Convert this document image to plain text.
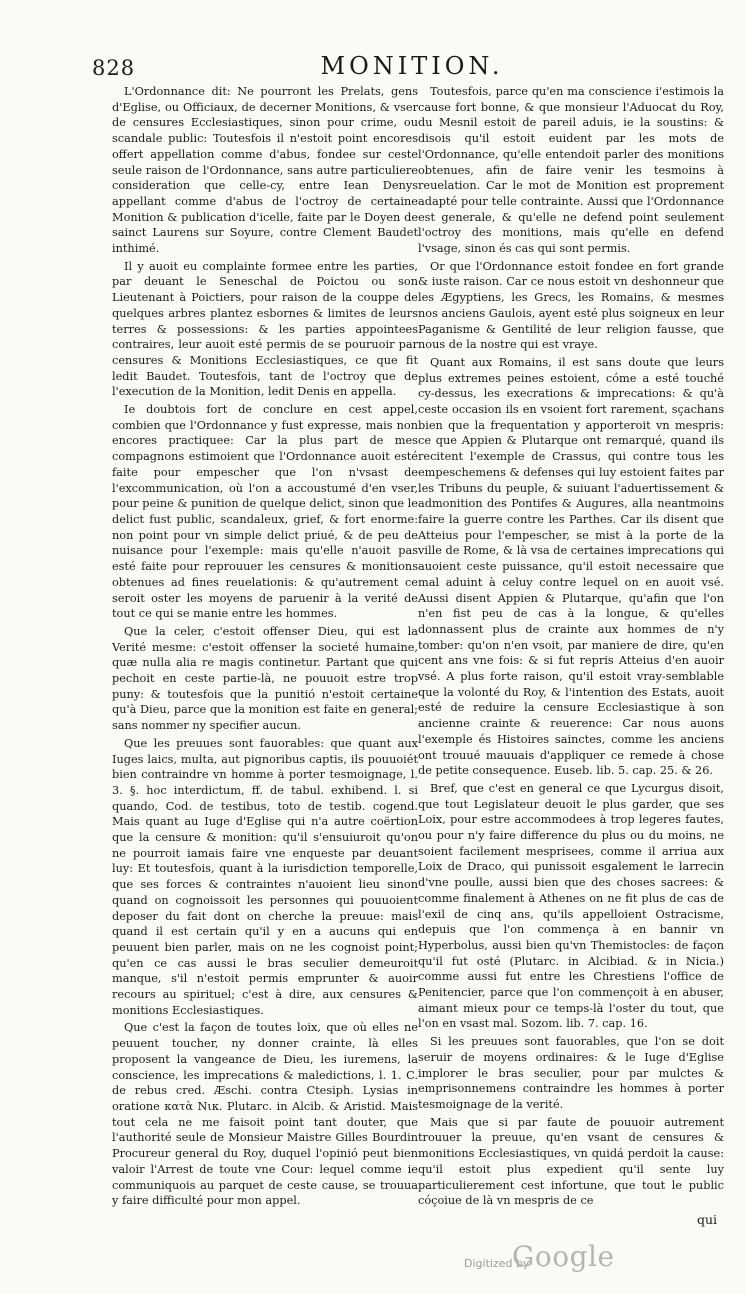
828	MONITION.

L'Ordonnance dit: Ne pourront les Prelats, gens d'Eglise, ou Officiaux, de decerner Monitions, & vser de censures Ecclesiastiques, sinon pour crime, ou scandale public: Toutesfois il n'estoit point encores offert appellation comme d'abus, fondee sur ceste seule raison de l'Ordonnance, sans autre particuliere consideration que celle-cy, entre Iean Denys appellant comme d'abus de l'octroy de certaine Monition & publication d'icelle, faite par le Doyen de sainct Laurens sur Soyure, contre Clement Baudet inthimé.

Il y auoit eu complainte formee entre les parties, par deuant le Seneschal de Poictou ou son Lieutenant à Poictiers, pour raison de la couppe de quelques arbres plantez esbornes & limites de leurs terres & possessions: & les parties appointees contraires, leur auoit esté permis de se pouruoir par censures & Monitions Ecclesiastiques, ce que fit ledit Baudet. Toutesfois, tant de l'octroy que de l'execution de la Monition, ledit Denis en appella.

Ie doubtois fort de conclure en cest appel, combien que l'Ordonnance y fust expresse, mais non encores practiquee: Car la plus part de mes compagnons estimoient que l'Ordonnance auoit esté faite pour empescher que l'on n'vsast de l'excommunication, où l'on a accoustumé d'en vser, pour peine & punition de quelque delict, sinon que le delict fust public, scandaleux, grief, & fort enorme: non point pour vn simple delict priué, & de peu de nuisance pour l'exemple: mais qu'elle n'auoit pas esté faite pour reprouuer les censures & monitions obtenues ad fines reuelationis: & qu'autrement ce seroit oster les moyens de paruenir à la verité de tout ce qui se manie entre les hommes.

Que la celer, c'estoit offenser Dieu, qui est la Verité mesme: c'estoit offenser la societé humaine, quæ nulla alia re magis continetur. Partant que qui pechoit en ceste partie-là, ne pouuoit estre trop puny: & toutesfois que la punitió n'estoit certaine qu'à Dieu, parce que la monition est faite en general; sans nommer ny specifier aucun.

Que les preuues sont fauorables: que quant aux Iuges laics, multa, aut pignoribus captis, ils pouuoiét bien contraindre vn homme à porter tesmoignage, l. 3. §. hoc interdictum, ff. de tabul. exhibend. l. si quando, Cod. de testibus, toto de testib. cogend. Mais quant au Iuge d'Eglise qui n'a autre coërtion que la censure & monition: qu'il s'ensuiuroit qu'on ne pourroit iamais faire vne enqueste par deuant luy: Et toutesfois, quant à la iurisdiction temporelle, que ses forces & contraintes n'auoient lieu sinon quand on cognoissoit les personnes qui pouuoient deposer du fait dont on cherche la preuue: mais quand il est certain qu'il y en a aucuns qui en peuuent bien parler, mais on ne les cognoist point; qu'en ce cas aussi le bras seculier demeuroit manque, s'il n'estoit permis emprunter & auoir recours au spirituel; c'est à dire, aux censures & monitions Ecclesiastiques.

Que c'est la façon de toutes loix, que où elles ne peuuent toucher, ny donner crainte, là elles proposent la vangeance de Dieu, les iuremens, la conscience, les imprecations & maledictions, l. 1. C. de rebus cred. Æschi. contra Ctesiph. Lysias in oratione κατὰ Νικ. Plutarc. in Alcib. & Aristid. Mais tout cela ne me faisoit point tant douter, que l'authorité seule de Monsieur Maistre Gilles Bourdin Procureur general du Roy, duquel l'opinió peut bien valoir l'Arrest de toute vne Cour: lequel comme ie communiquois au parquet de ceste cause, se trouua y faire difficulté pour mon appel.

Toutesfois, parce qu'en ma conscience i'estimois la cause fort bonne, & que monsieur l'Aduocat du Roy, du Mesnil estoit de pareil aduis, ie la soustins: & disois qu'il estoit euident par les mots de l'Ordonnance, qu'elle entendoit parler des monitions obtenues, afin de faire venir les tesmoins à reuelation. Car le mot de Monition est proprement adapté pour telle contrainte. Aussi que l'Ordonnance est generale, & qu'elle ne defend point seulement l'octroy des monitions, mais qu'elle en defend l'vsage, sinon és cas qui sont permis.

Or que l'Ordonnance estoit fondee en fort grande & iuste raison. Car ce nous estoit vn deshonneur que les Ægyptiens, les Grecs, les Romains, & mesmes nos anciens Gaulois, ayent esté plus soigneux en leur Paganisme & Gentilité de leur religion fausse, que nous de la nostre qui est vraye.

Quant aux Romains, il est sans doute que leurs plus extremes peines estoient, cóme a esté touché cy-dessus, les execrations & imprecations: & qu'à ceste occasion ils en vsoient fort rarement, sçachans bien que la frequentation y apporteroit vn mespris: ce que Appien & Plutarque ont remarqué, quand ils recitent l'exemple de Crassus, qui contre tous les empeschemens & defenses qui luy estoient faites par les Tribuns du peuple, & suiuant l'aduertissement & admonition des Pontifes & Augures, alla neantmoins faire la guerre contre les Parthes. Car ils disent que Atteius pour l'empescher, se mist à la porte de la ville de Rome, & là vsa de certaines imprecations qui auoient ceste puissance, qu'il estoit necessaire que mal aduint à celuy contre lequel on en auoit vsé. Aussi disent Appien & Plutarque, qu'afin que l'on n'en fist peu de cas à la longue, & qu'elles donnassent plus de crainte aux hommes de n'y tomber: qu'on n'en vsoit, par maniere de dire, qu'en cent ans vne fois: & si fut repris Atteius d'en auoir vsé. A plus forte raison, qu'il estoit vray-semblable que la volonté du Roy, & l'intention des Estats, auoit esté de reduire la censure Ecclesiastique à son ancienne crainte & reuerence: Car nous auons l'exemple és Histoires sainctes, comme les anciens ont trouué mauuais d'appliquer ce remede à chose de petite consequence. Euseb. lib. 5. cap. 25. & 26.

Bref, que c'est en general ce que Lycurgus disoit, que tout Legislateur deuoit le plus garder, que ses Loix, pour estre accommodees à trop legeres fautes, ou pour n'y faire difference du plus ou du moins, ne soient facilement mesprisees, comme il arriua aux Loix de Draco, qui punissoit esgalement le larrecin d'vne poulle, aussi bien que des choses sacrees: & comme finalement à Athenes on ne fit plus de cas de l'exil de cinq ans, qu'ils appelloient Ostracisme, depuis que l'on commença à en bannir vn Hyperbolus, aussi bien qu'vn Themistocles: de façon qu'il fut osté (Plutarc. in Alcibiad. & in Nicia.) comme aussi fut entre les Chrestiens l'office de Penitencier, parce que l'on commençoit à en abuser, aimant mieux pour ce temps-là l'oster du tout, que l'on en vsast mal. Sozom. lib. 7. cap. 16.

Si les preuues sont fauorables, que l'on se doit seruir de moyens ordinaires: & le Iuge d'Eglise implorer le bras seculier, pour par mulctes & emprisonnemens contraindre les hommes à porter tesmoignage de la verité.

Mais que si par faute de pouuoir autrement trouuer la preuue, qu'en vsant de censures & monitions Ecclesiastiques, vn quidá perdoit la cause: qu'il estoit plus expedient qu'il sente luy particulierement cest infortune, que tout le public cóçoiue de là vn mespris de ce

qui
Digitized by
Google
